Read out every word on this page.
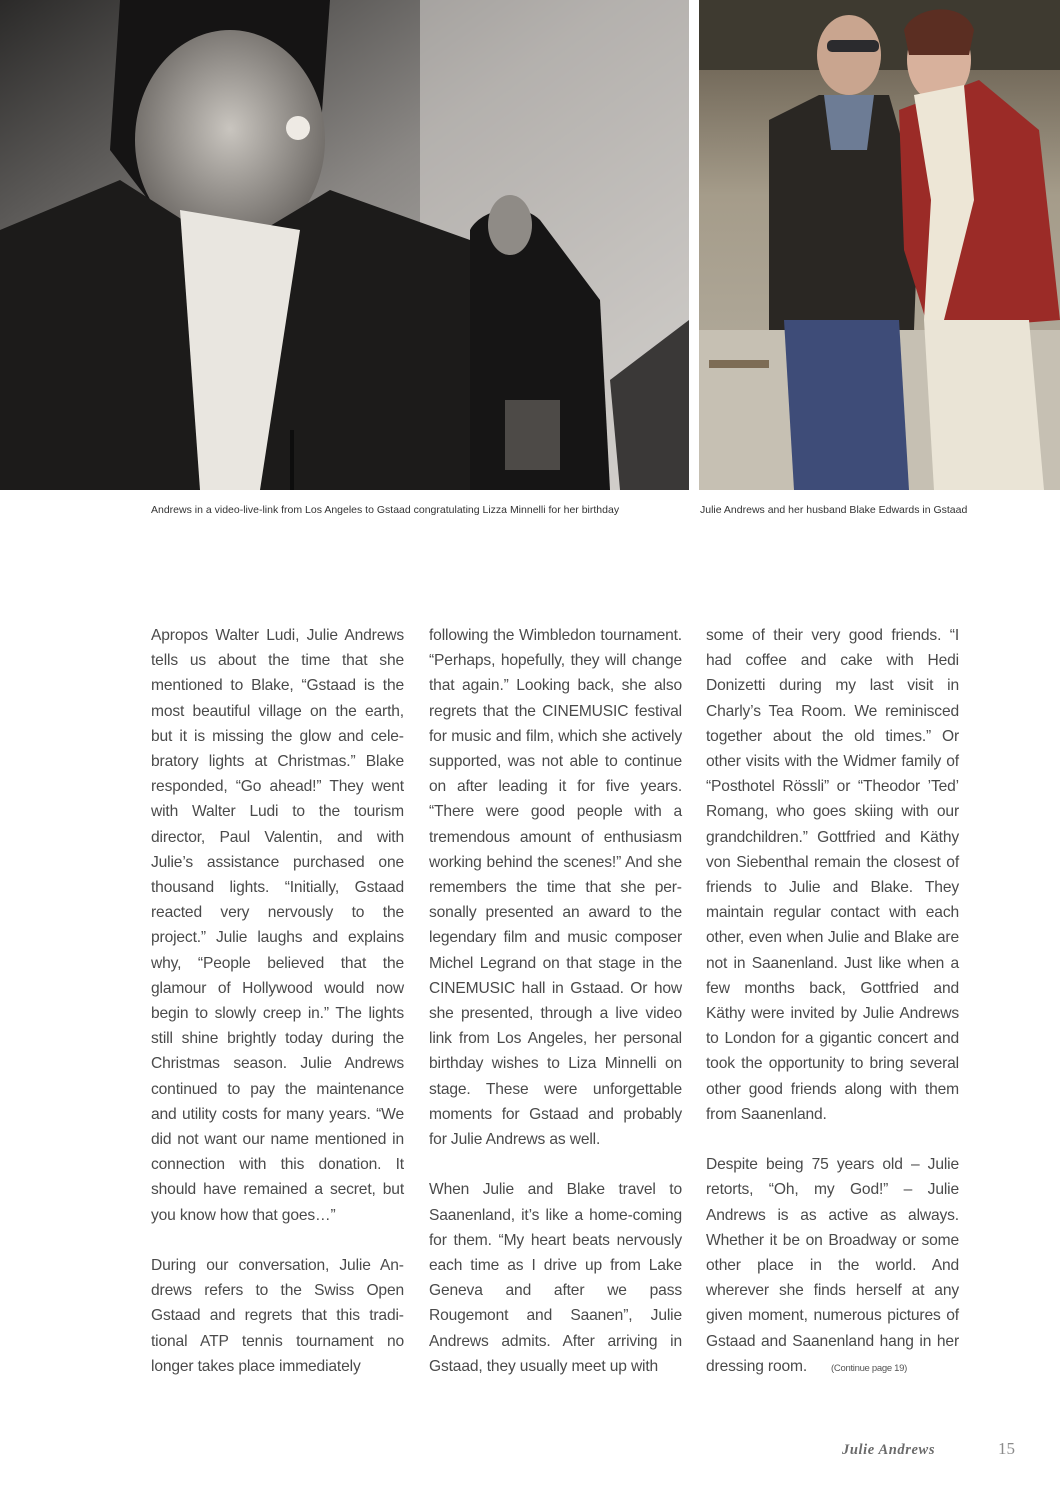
Andrews in a video-live-link from Los Angeles to Gstaad congratulating Lizza Minnelli for her birthday	Julie Andrews and her husband Blake Edwards in Gstaad

Apropos Walter Ludi, Julie Andrews tells us about the time that she mentioned to Blake, “Gstaad is the most beautiful village on the earth, but it is missing the glow and celebratory lights at Christmas.” Blake responded, “Go ahead!” They went with Walter Ludi to the tourism director, Paul Valentin, and with Julie’s assistance purchased one thousand lights. “Initially, Gstaad reacted very nervously to the project.” Julie laughs and explains why, “People believed that the glamour of Hollywood would now begin to slowly creep in.” The lights still shine brightly today during the Christmas season. Julie Andrews continued to pay the maintenance and utility costs for many years. “We did not want our name mentioned in connection with this donation. It should have remained a secret, but you know how that goes…”

During our conversation, Julie Andrews refers to the Swiss Open Gstaad and regrets that this traditional ATP tennis tournament no longer takes place immediately

following the Wimbledon tournament. “Perhaps, hopefully, they will change that again.” Looking back, she also regrets that the CINEMUSIC festival for music and film, which she actively supported, was not able to continue on after leading it for five years. “There were good people with a tremendous amount of enthusiasm working behind the scenes!” And she remembers the time that she personally presented an award to the legendary film and music composer Michel Legrand on that stage in the CINEMUSIC hall in Gstaad. Or how she presented, through a live video link from Los Angeles, her personal birthday wishes to Liza Minnelli on stage. These were unforgettable moments for Gstaad and probably for Julie Andrews as well.

When Julie and Blake travel to Saanenland, it’s like a home-coming for them. “My heart beats nervously each time as I drive up from Lake Geneva and after we pass Rougemont and Saanen”, Julie Andrews admits. After arriving in Gstaad, they usually meet up with

some of their very good friends. “I had coffee and cake with Hedi Donizetti during my last visit in Charly’s Tea Room. We reminisced together about the old times.” Or other visits with the Widmer family of “Posthotel Rössli” or “Theodor ’Ted’ Romang, who goes skiing with our grandchildren.” Gottfried and Käthy von Siebenthal remain the closest of friends to Julie and Blake. They maintain regular contact with each other, even when Julie and Blake are not in Saanenland. Just like when a few months back, Gottfried and Käthy were invited by Julie Andrews to London for a gigantic concert and took the opportunity to bring several other good friends along with them from Saanenland.

Despite being 75 years old – Julie retorts, “Oh, my God!” – Julie Andrews is as active as always. Whether it be on Broadway or some other place in the world. And wherever she finds herself at any given moment, numerous pictures of Gstaad and Saanenland hang in her dressing room.	(Continue page 19)

Julie Andrews	15
